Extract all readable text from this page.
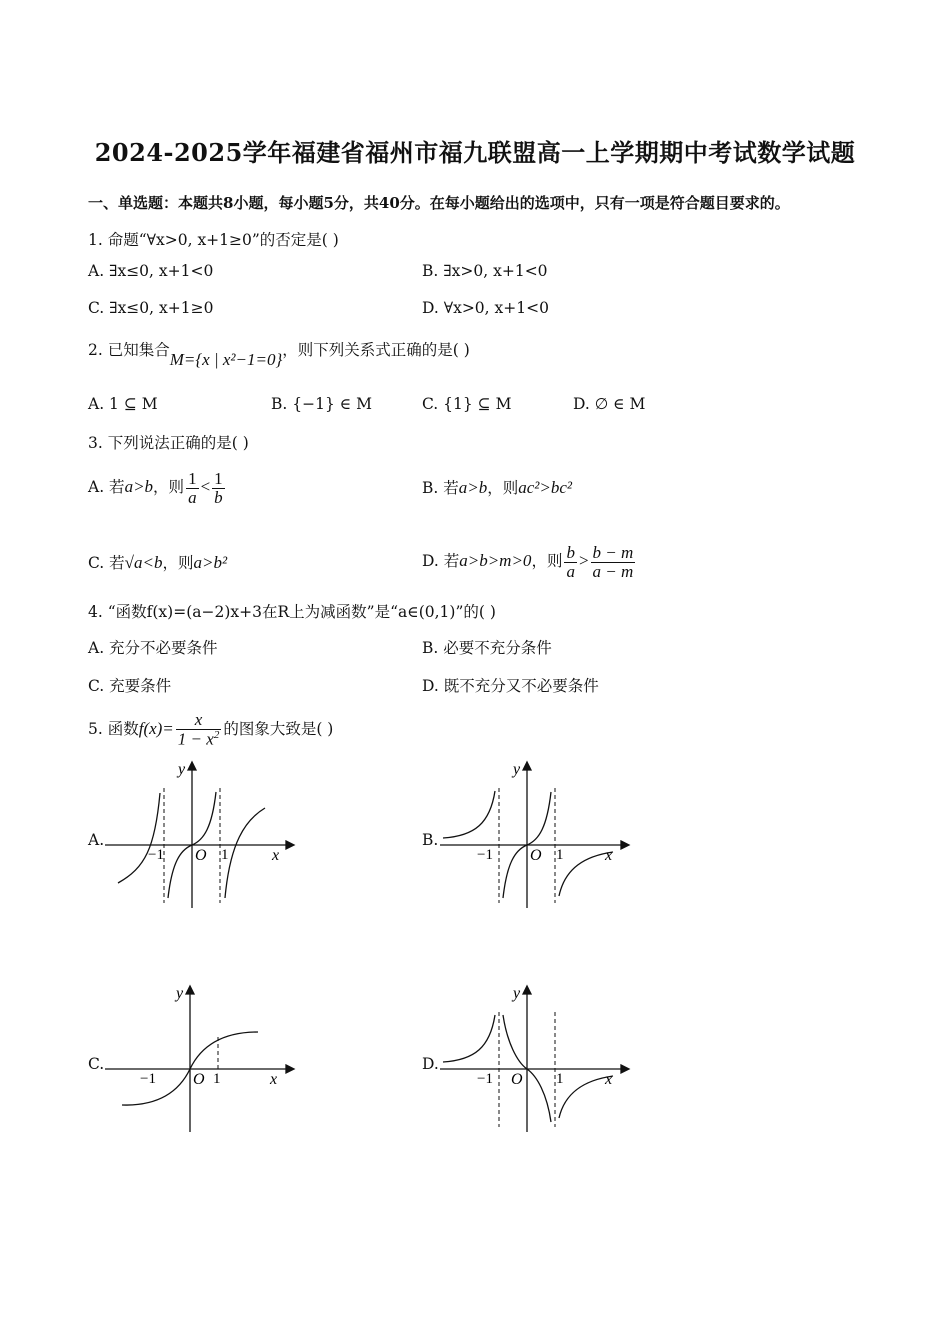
2024-2025学年福建省福州市福九联盟高一上学期期中考试数学试题
一、单选题：本题共8小题，每小题5分，共40分。在每小题给出的选项中，只有一项是符合题目要求的。
1. 命题“∀x>0, x+1≥0”的否定是( )
A. ∃x≤0, x+1<0	B. ∃x>0, x+1<0
C. ∃x≤0, x+1≥0	D. ∀x>0, x+1<0
2. 已知集合M={x | x²−1=0}，则下列关系式正确的是( )
A. 1 ⊆ M	B. {−1} ∈ M	C. {1} ⊆ M	D. ∅ ∈ M
3. 下列说法正确的是( )
A. 若a>b，则 $\frac{1}{a} < \frac{1}{b}$	B. 若a>b，则ac²>bc²
C. 若√a<b，则a>b²	D. 若a>b>m>0，则 $\frac{b}{a} > \frac{b - m}{a - m}$
4. “函数f(x)=(a−2)x+3在R上为减函数”是“a∈(0,1)”的( )
A. 充分不必要条件	B. 必要不充分条件
C. 充要条件	D. 既不充分又不必要条件
5. 函数$f(x)= \frac{x}{1 - x^2}$ 的图象大致是( )
A.	B.
C.	D.
−1 O 1	x
y
−1 O 1	x
y
−1 O 1	x
y
−1 O 1	x
y
